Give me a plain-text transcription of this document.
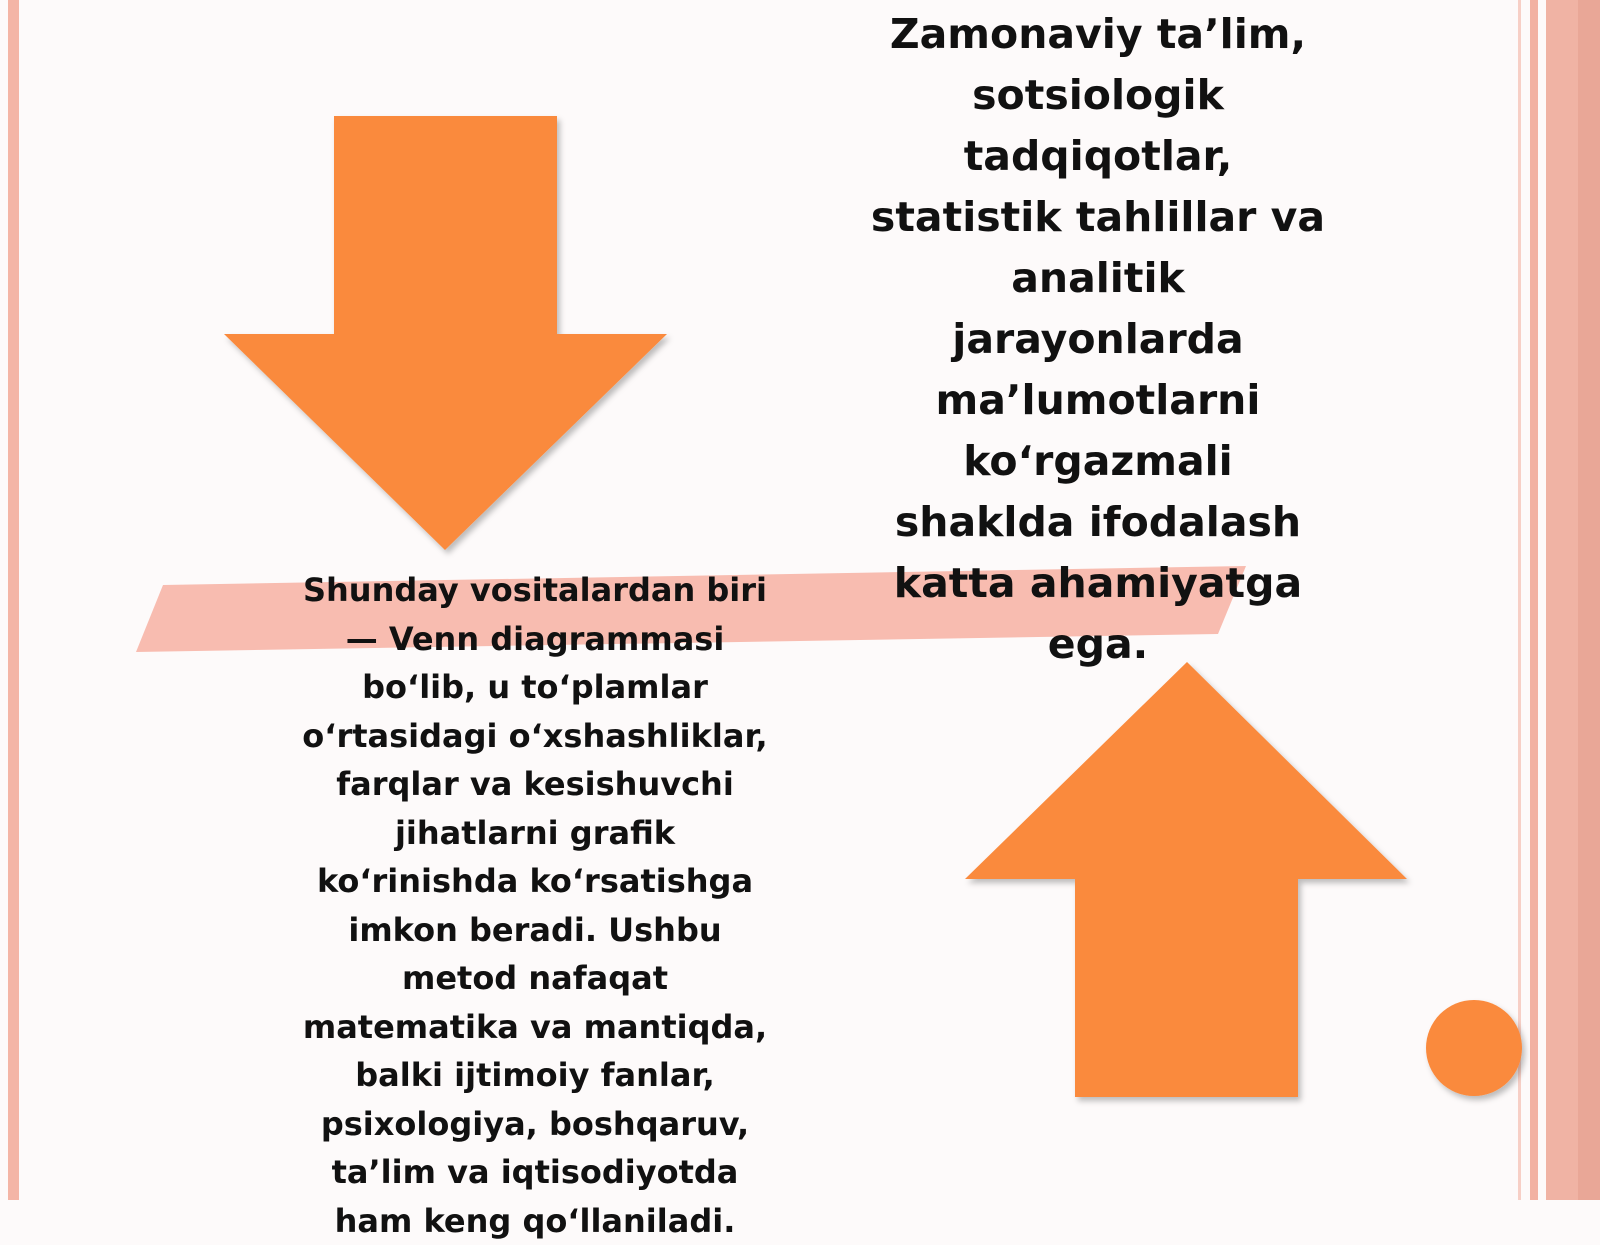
Zamonaviy ta’lim, sotsiologik tadqiqotlar, statistik tahlillar va analitik jarayonlarda ma’lumotlarni ko‘rgazmali shaklda ifodalash katta ahamiyatga ega.

Shunday vositalardan biri — Venn diagrammasi bo‘lib, u to‘plamlar o‘rtasidagi o‘xshashliklar, farqlar va kesishuvchi jihatlarni grafik ko‘rinishda ko‘rsatishga imkon beradi. Ushbu metod nafaqat matematika va mantiqda, balki ijtimoiy fanlar, psixologiya, boshqaruv, ta’lim va iqtisodiyotda ham keng qo‘llaniladi.
